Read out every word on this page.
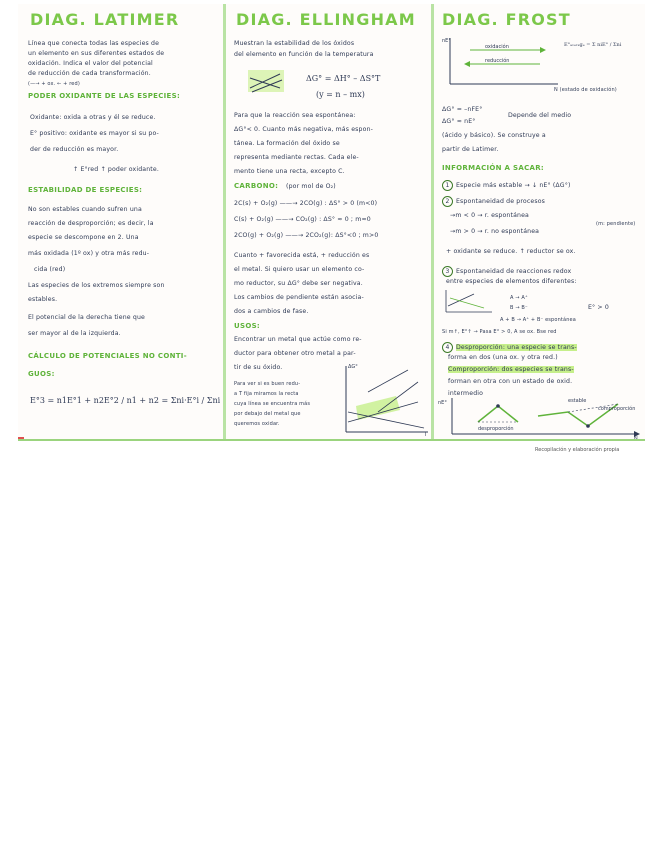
DIAG. LATIMER
Línea que conecta todas las especies de
un elemento en sus diferentes estados de
oxidación. Indica el valor del potencial
de reducción de cada transformación.
(—→ + ox. ← + red)
PODER OXIDANTE DE LAS ESPECIES:
Oxidante: oxida a otras y él se reduce.
E° positivo: oxidante es mayor si su po-
der de reducción es mayor.
↑ E°red ↑ poder oxidante.
ESTABILIDAD DE ESPECIES:
No son estables cuando sufren una
reacción de desproporción; es decir, la
especie se descompone en 2. Una
más oxidada (1º ox) y otra más redu-
cida (red)
Las especies de los extremos siempre son
estables.
El potencial de la derecha tiene que
ser mayor al de la izquierda.
CÁLCULO DE POTENCIALES NO CONTI-
GUOS:
E°3 = n1E°1 + n2E°2 / n1 + n2 = Σni·E°i / Σni
DIAG. ELLINGHAM
Muestran la estabilidad de los óxidos
del elemento en función de la temperatura
ΔG° = ΔH° – ΔS°T
(y = n – mx)
Para que la reacción sea espontánea:
ΔG°< 0. Cuanto más negativa, más espon-
tánea. La formación del óxido se
representa mediante rectas. Cada ele-
mento tiene una recta, excepto C.
CARBONO: (por mol de O₂)
2C(s) + O₂(g) ——→ 2CO(g) : ΔS° > 0 (m<0)
C(s) + O₂(g) ——→ CO₂(g) : ΔS° ≈ 0 ; m≈0
2CO(g) + O₂(g) ——→ 2CO₂(g): ΔS°<0 ; m>0
Cuanto + favorecida está, + reducción es
el metal. Si quiero usar un elemento co-
mo reductor, su ΔG° debe ser negativa.
Los cambios de pendiente están asocia-
dos a cambios de fase.
USOS:
Encontrar un metal que actúe como re-
ductor para obtener otro metal a par-
tir de su óxido.
Para ver si es buen redu-
a T fija miramos la recta
cuya línea se encuentra más
por debajo del metal que
queremos oxidar.
ΔG°
T
DIAG. FROST
nE°
oxidación
reducción
E°ₐᵥₑᵣₐgₑ = Σ niE° / Σni
N (estado de oxidación)
ΔG° = –nFE°
ΔG° ≈ nE°
Depende del medio
(ácido y básico). Se construye a
partir de Latimer.
INFORMACIÓN A SACAR:
1 Especie más estable → ↓ nE° (ΔG°)
2 Espontaneidad de procesos
→m < 0 → r. espontánea
(m: pendiente)
→m > 0 → r. no espontánea
+ oxidante se reduce. ↑ reductor se ox.
3 Espontaneidad de reacciones redox
entre especies de elementos diferentes:
A → A⁺
B → B⁻
A + B → A⁺ + B⁻ espontánea
E° > 0
Si m↑, E°↑ → Pasa E° > 0, A se ox. Bse red
4 Desproporción: una especie se trans-
forma en dos (una ox. y otra red.)
Comproporción: dos especies se trans-
forman en otra con un estado de oxid.
intermedio
nE°
desproporción
estable
comproporción
Recopilación y elaboración propia
